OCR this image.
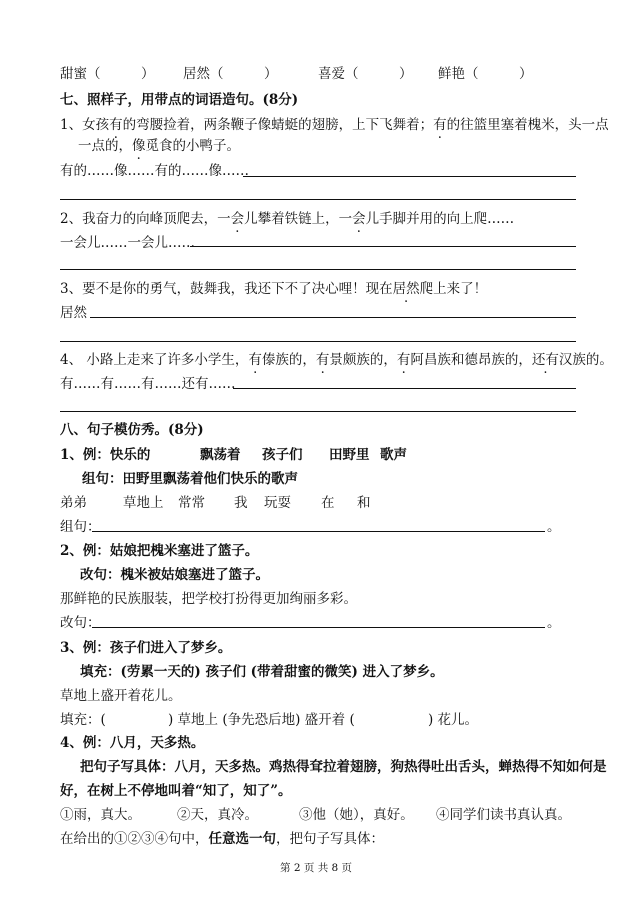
甜蜜（　　　） 居然（　　　）	喜爱（　　　） 鲜艳（　　　）
七、照样子，用带点的词语造句。(8分)
1、女孩有的弯腰捡着，两条鞭子像蜻蜓的翅膀，上下飞舞着；有的往篮里塞着槐米，头一点
一点的，像觅食的小鸭子。
有的……像……有的……像……
2、我奋力的向峰顶爬去，一会儿攀着铁链上，一会儿手脚并用的向上爬……
一会儿……一会儿……
3、要不是你的勇气，鼓舞我，我还下不了决心哩！现在居然爬上来了！
居然
4、 小路上走来了许多小学生，有傣族的，有景颇族的，有阿昌族和德昂族的，还有汉族的。
有……有……有……还有……
八、句子模仿秀。(8分)
1、例：快乐的	飘荡着 孩子们 田野里 歌声
组句：田野里飘荡着他们快乐的歌声
弟弟	草地上 常常 我 玩耍 在 和
组句：	。
2、例：姑娘把槐米塞进了篮子。
改句：槐米被姑娘塞进了篮子。
那鲜艳的民族服装，把学校打扮得更加绚丽多彩。
改句：	。
3、例：孩子们进入了梦乡。
填充：(劳累一天的) 孩子们 (带着甜蜜的微笑) 进入了梦乡。
草地上盛开着花儿。
填充：(	) 草地上 (争先恐后地) 盛开着 (	) 花儿。
4、例：八月，天多热。
把句子写具体：八月，天多热。鸡热得耷拉着翅膀，狗热得吐出舌头，蝉热得不知如何是
好，在树上不停地叫着“知了，知了”。
①雨，真大。	②天，真冷。	③他（她），真好。 ④同学们读书真认真。
在给出的①②③④句中，任意选一句，把句子写具体：
第 2 页 共 8 页
